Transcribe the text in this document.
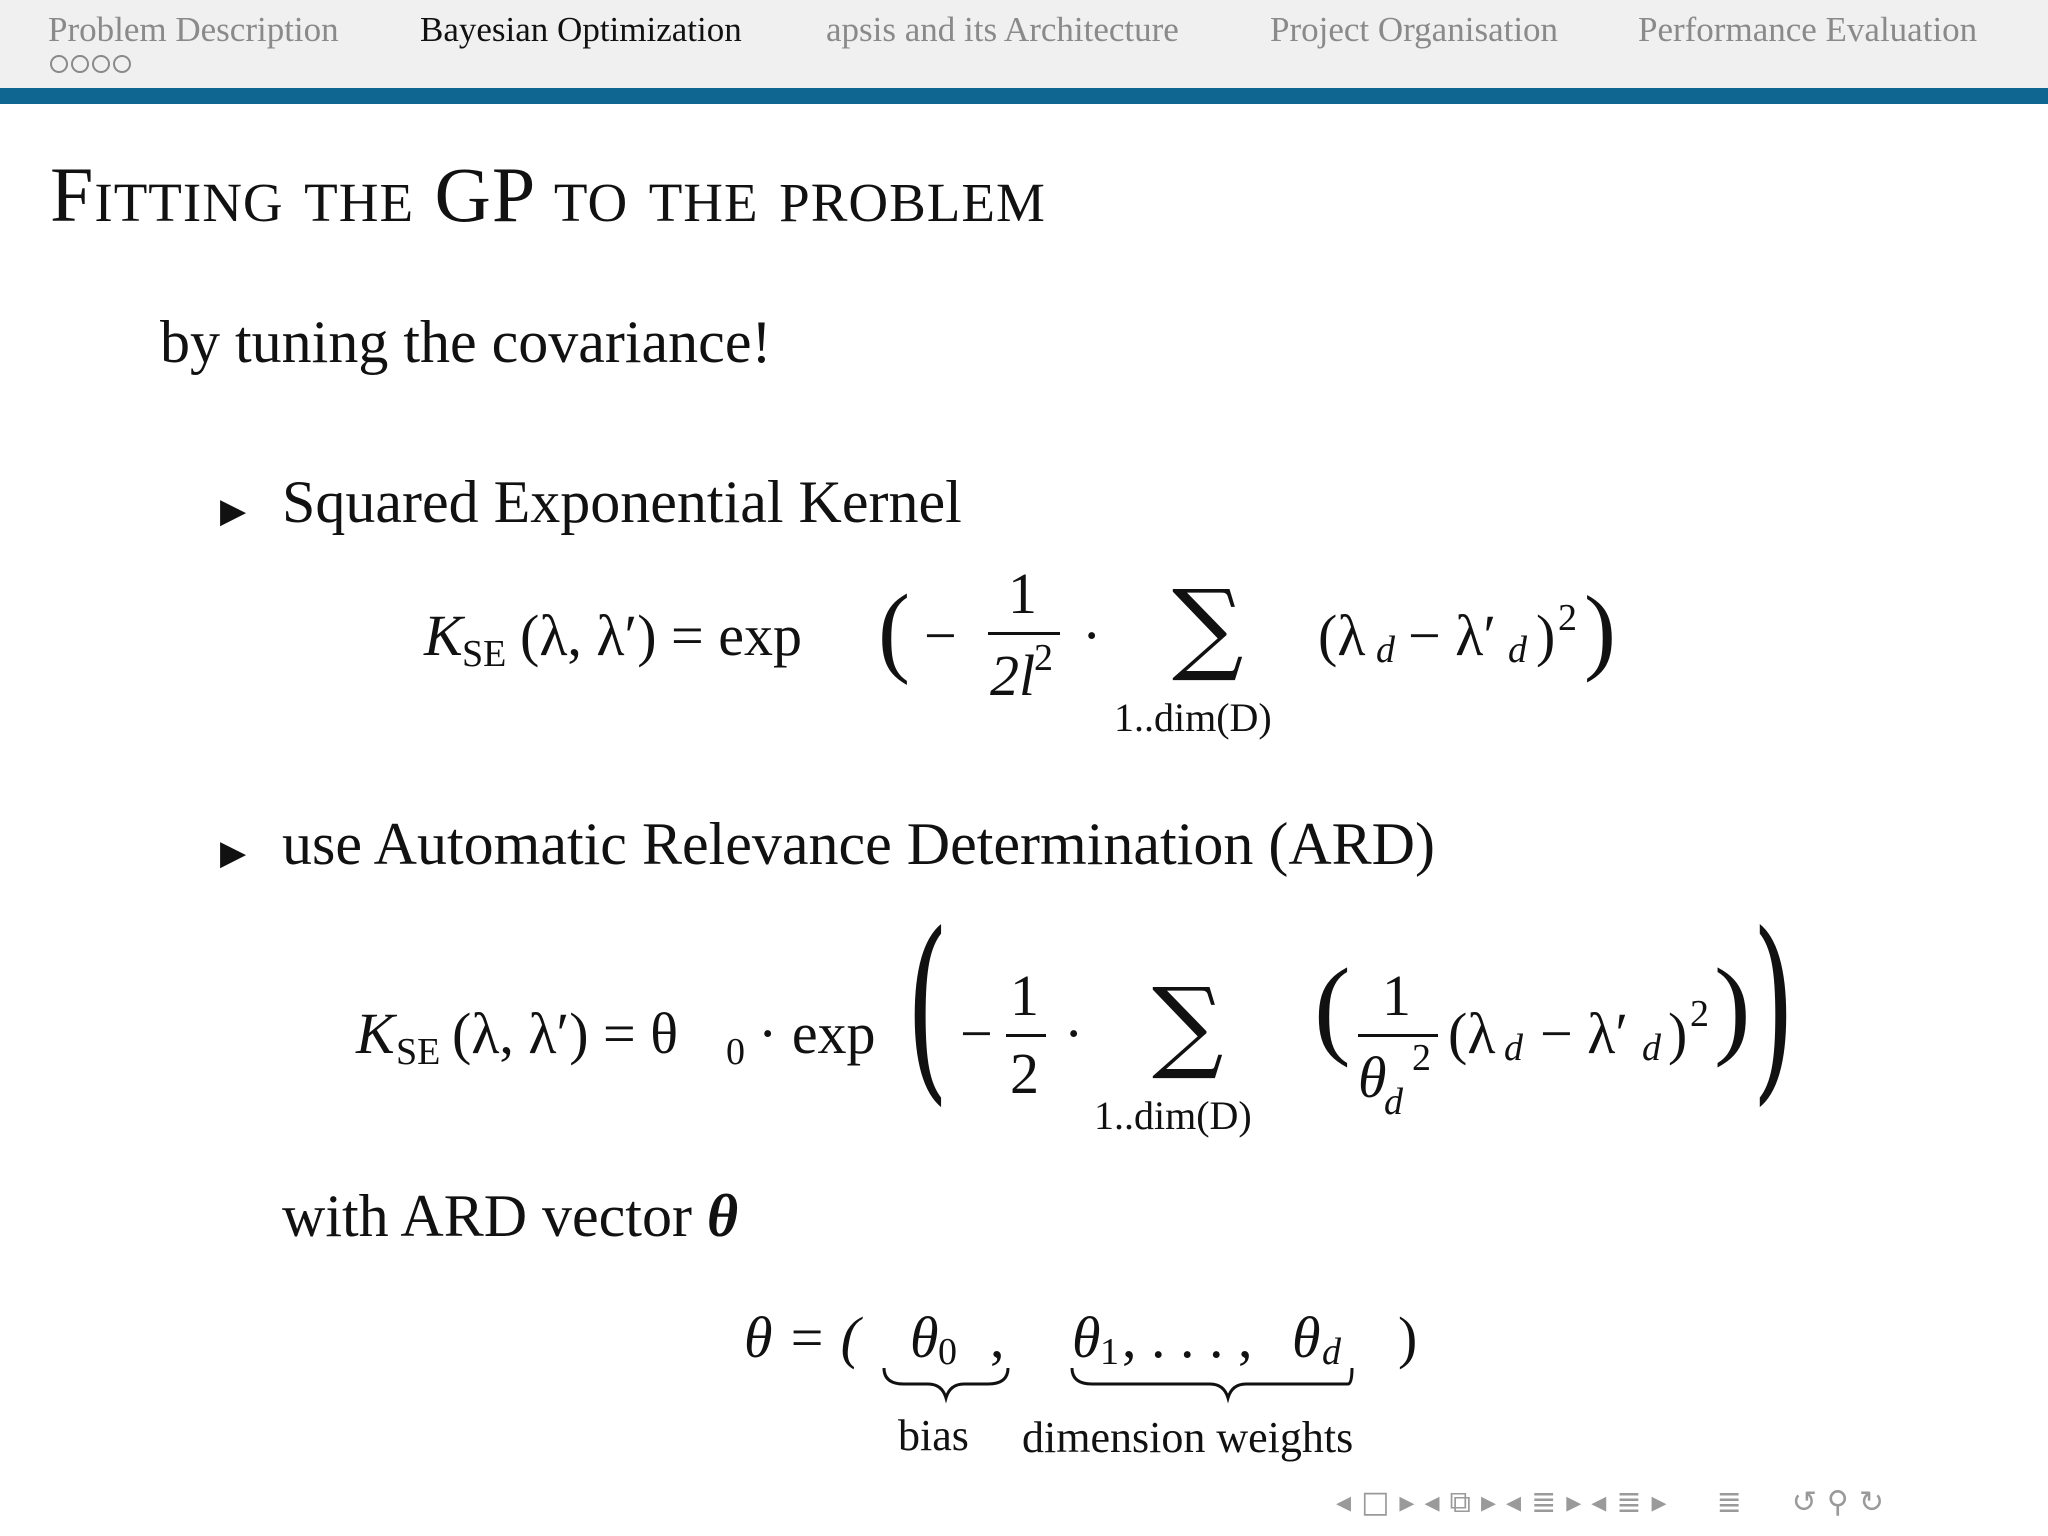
Problem Description Bayesian Optimization apsis and its Architecture	Project Organisation Performance Evaluation
Fitting the GP to the problem
by tuning the covariance!
▶ Squared Exponential Kernel
K SE (λ, λ′) = exp ( −
1
2l
2 · ∑
1..dim(D)
(λ d − λ′ d ) 2 )
▶ use Automatic Relevance Determination (ARD)
K SE (λ, λ′) = θ 0 · exp ( −
1
2
· ∑
1..dim(D)
( 1
θ 2
d
(λ d − λ′ d ) 2 ) )
with ARD vector θ
θ = ( θ 0 , θ 1 , . . . , θ d )
bias dimension weights
◂ □ ▸ ◂ ⧉ ▸ ◂ ≣ ▸ ◂ ≣ ▸ ≣ ↺ ⚲ ↻
